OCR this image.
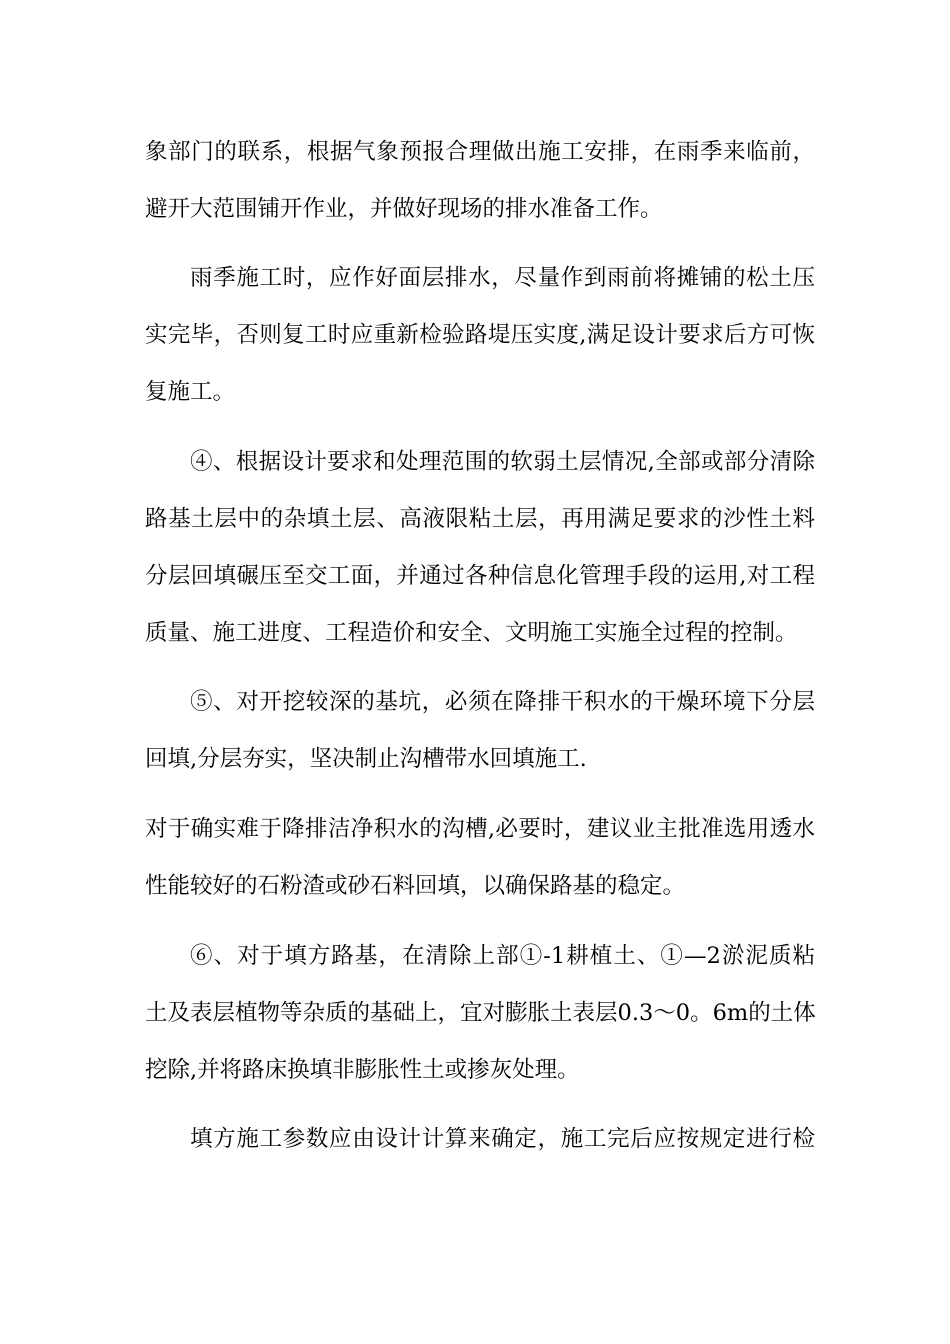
象部门的联系，根据气象预报合理做出施工安排，在雨季来临前，
避开大范围铺开作业，并做好现场的排水准备工作。
雨季施工时，应作好面层排水，尽量作到雨前将摊铺的松土压
实完毕，否则复工时应重新检验路堤压实度,满足设计要求后方可恢
复施工。
④、根据设计要求和处理范围的软弱土层情况,全部或部分清除
路基土层中的杂填土层、高液限粘土层，再用满足要求的沙性土料
分层回填碾压至交工面，并通过各种信息化管理手段的运用,对工程
质量、施工进度、工程造价和安全、文明施工实施全过程的控制。
⑤、对开挖较深的基坑，必须在降排干积水的干燥环境下分层
回填,分层夯实，坚决制止沟槽带水回填施工.
对于确实难于降排洁净积水的沟槽,必要时，建议业主批准选用透水
性能较好的石粉渣或砂石料回填，以确保路基的稳定。
⑥、对于填方路基，在清除上部①-1耕植土、①—2淤泥质粘
土及表层植物等杂质的基础上，宜对膨胀土表层0.3～0。6m的土体
挖除,并将路床换填非膨胀性土或掺灰处理。
填方施工参数应由设计计算来确定，施工完后应按规定进行检
